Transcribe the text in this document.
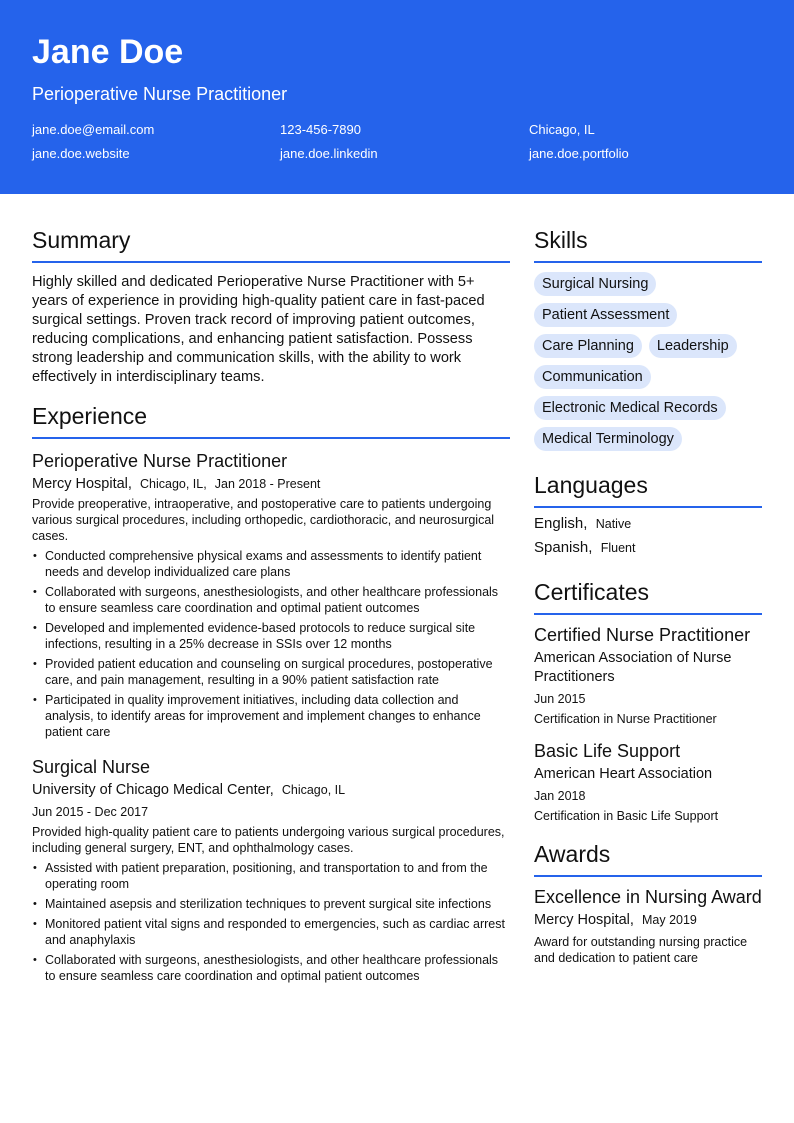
Jane Doe
Perioperative Nurse Practitioner
jane.doe@email.com	123-456-7890	Chicago, IL
jane.doe.website	jane.doe.linkedin	jane.doe.portfolio
Summary

Highly skilled and dedicated Perioperative Nurse Practitioner with 5+ years of experience in providing high-quality patient care in fast-paced surgical settings. Proven track record of improving patient outcomes, reducing complications, and enhancing patient satisfaction. Possess strong leadership and communication skills, with the ability to work effectively in interdisciplinary teams.

Experience
Perioperative Nurse Practitioner
Mercy Hospital, Chicago, IL, Jan 2018 - Present

Provide preoperative, intraoperative, and postoperative care to patients undergoing various surgical procedures, including orthopedic, cardiothoracic, and neurosurgical cases.

• Conducted comprehensive physical exams and assessments to identify patient needs and develop individualized care plans
• Collaborated with surgeons, anesthesiologists, and other healthcare professionals to ensure seamless care coordination and optimal patient outcomes
• Developed and implemented evidence-based protocols to reduce surgical site infections, resulting in a 25% decrease in SSIs over 12 months
• Provided patient education and counseling on surgical procedures, postoperative care, and pain management, resulting in a 90% patient satisfaction rate
• Participated in quality improvement initiatives, including data collection and analysis, to identify areas for improvement and implement changes to enhance patient care
Surgical Nurse
University of Chicago Medical Center, Chicago, IL
Jun 2015 - Dec 2017

Provided high-quality patient care to patients undergoing various surgical procedures, including general surgery, ENT, and ophthalmology cases.

• Assisted with patient preparation, positioning, and transportation to and from the operating room
• Maintained asepsis and sterilization techniques to prevent surgical site infections
• Monitored patient vital signs and responded to emergencies, such as cardiac arrest and anaphylaxis
• Collaborated with surgeons, anesthesiologists, and other healthcare professionals to ensure seamless care coordination and optimal patient outcomes
Skills
Surgical Nursing
Patient Assessment
Care Planning	Leadership
Communication
Electronic Medical Records
Medical Terminology
Languages
English, Native
Spanish, Fluent
Certificates
Certified Nurse Practitioner
American Association of Nurse Practitioners
Jun 2015
Certification in Nurse Practitioner
Basic Life Support
American Heart Association
Jan 2018
Certification in Basic Life Support
Awards
Excellence in Nursing Award
Mercy Hospital, May 2019
Award for outstanding nursing practice and dedication to patient care
